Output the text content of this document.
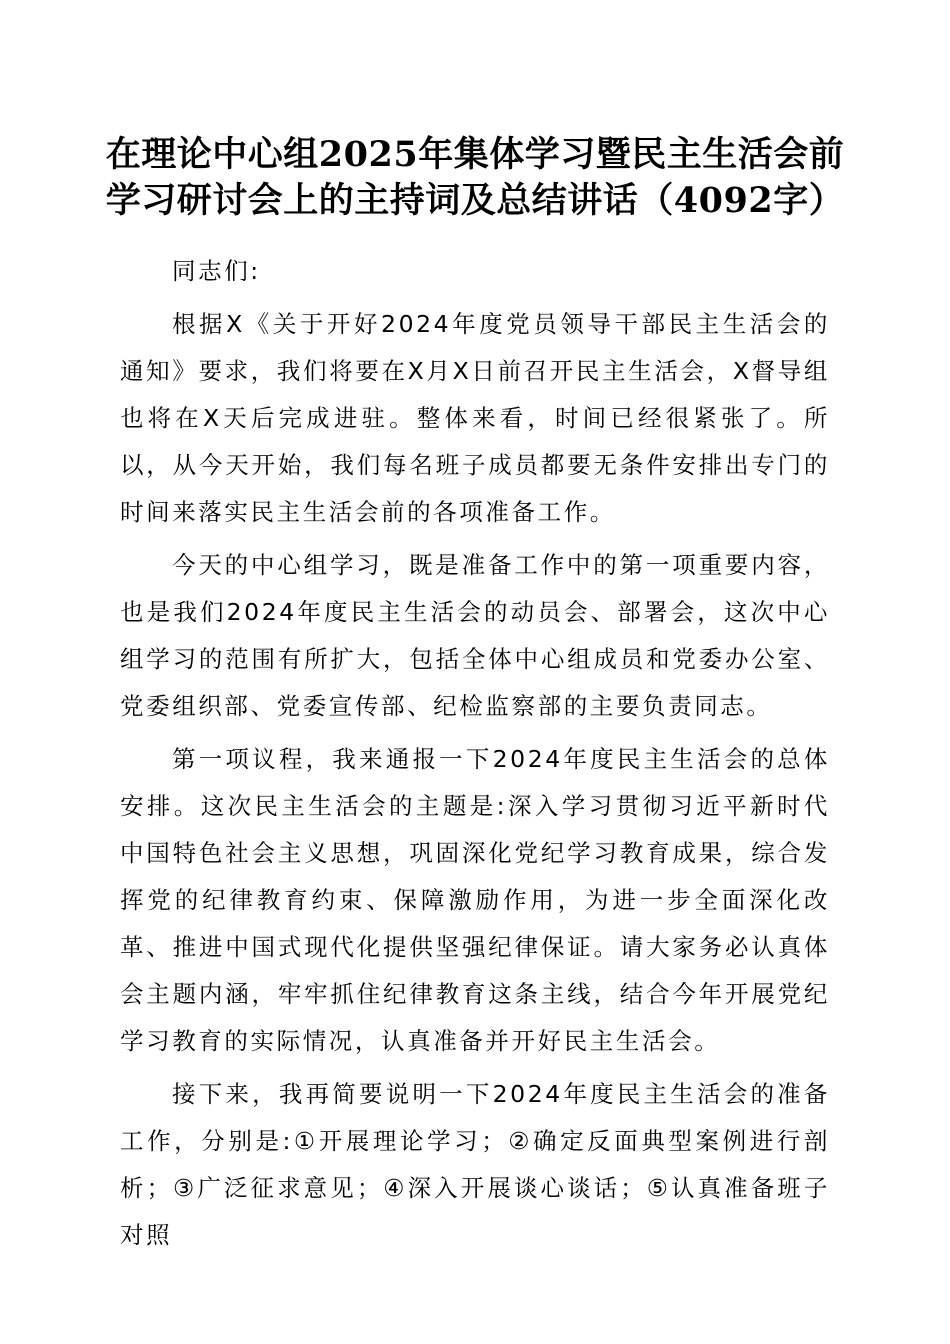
在理论中心组2025年集体学习暨民主生活会前学习研讨会上的主持词及总结讲话（4092字）

同志们:

根据X《关于开好2024年度党员领导干部民主生活会的通知》要求，我们将要在X月X日前召开民主生活会，X督导组也将在X天后完成进驻。整体来看，时间已经很紧张了。所以，从今天开始，我们每名班子成员都要无条件安排出专门的时间来落实民主生活会前的各项准备工作。

今天的中心组学习，既是准备工作中的第一项重要内容，也是我们2024年度民主生活会的动员会、部署会，这次中心组学习的范围有所扩大，包括全体中心组成员和党委办公室、党委组织部、党委宣传部、纪检监察部的主要负责同志。

第一项议程，我来通报一下2024年度民主生活会的总体安排。这次民主生活会的主题是:深入学习贯彻习近平新时代中国特色社会主义思想，巩固深化党纪学习教育成果，综合发挥党的纪律教育约束、保障激励作用，为进一步全面深化改革、推进中国式现代化提供坚强纪律保证。请大家务必认真体会主题内涵，牢牢抓住纪律教育这条主线，结合今年开展党纪学习教育的实际情况，认真准备并开好民主生活会。

接下来，我再简要说明一下2024年度民主生活会的准备工作，分别是:①开展理论学习；②确定反面典型案例进行剖析；③广泛征求意见；④深入开展谈心谈话；⑤认真准备班子对照
